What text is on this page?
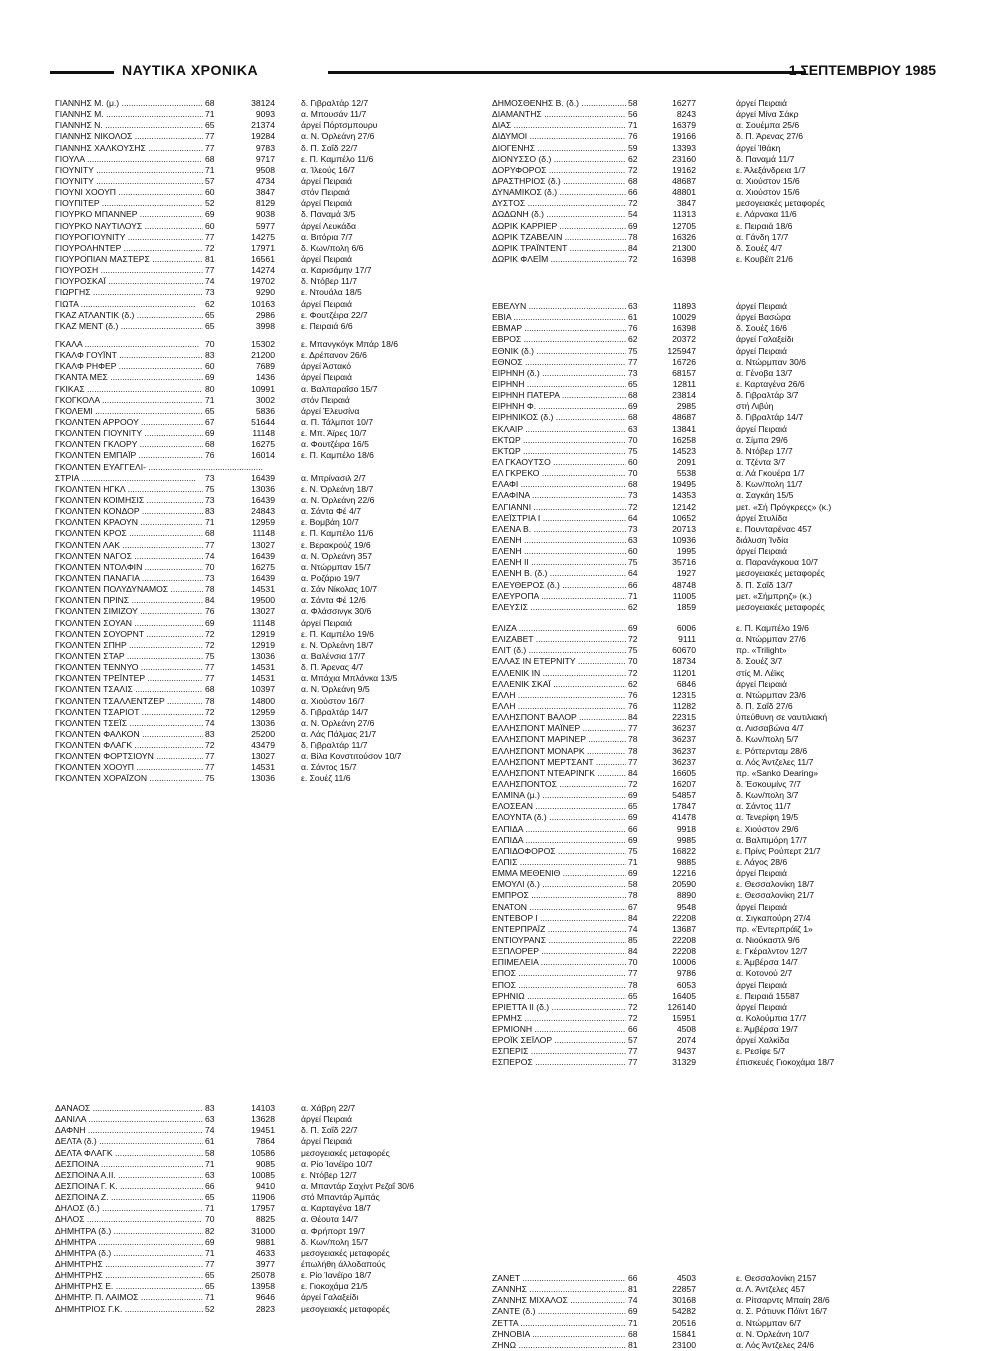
ΝΑΥΤΙΚΑ ΧΡΟΝΙΚΑ	1 ΣΕΠΤΕΜΒΡΙΟΥ 1985
ΓΙΑΝΝΗΣ Μ. (μ.) .....	68	38124	δ. Γιβραλτάρ 12/7
ΓΙΑΝΝΗΣ Μ. .....	71	9093	α. Μπουσάν 11/7
ΓΙΑΝΝΗΣ Ν. .....	65	21374	άργεί Πόρτσμπουρυ
ΓΙΑΝΝΗΣ ΝΙΚΟΛΟΣ .....	77	19284	α. Ν. Όρλεάνη 27/6
ΓΙΑΝΝΗΣ ΧΑΛΚΟΥΣΗΣ .....	77	9783	δ. Π. Σαΐδ 22/7
ΓΙΟΥΛΑ .....	68	9717	ε. Π. Καμπέλο 11/6
ΓΙΟΥΝΙΤΥ .....	71	9508	α. Ίλεούς 16/7
ΓΙΟΥΝΙΤΥ .....	57	4734	άργεί Πειραιά
ΓΙΟΥΝΙ ΧΟΟΥΠ .....	60	3847	στόν Πειραιά
ΓΙΟΥΠΙΤΕΡ .....	52	8129	άργεί Πειραιά
ΓΙΟΥΡΚΟ ΜΠΑΝΝΕΡ .....	69	9038	δ. Παναμά 3/5
ΓΙΟΥΡΚΟ ΝΑΥΤΙΛΟΥΣ .....	60	5977	άργεί Λευκάδα
ΓΙΟΥΡΟΓΙΟΥΝΙΤΥ .....	77	14275	α. Βιτόρια 7/7
ΓΙΟΥΡΟΛΗΝΤΕΡ .....	72	17971	δ. Κων/πολη 6/6
ΓΙΟΥΡΟΠΙΑΝ ΜΑΣΤΕΡΣ .....	81	16561	άργεί Πειραιά
ΓΙΟΥΡΟΣΗ .....	77	14274	α. Καρισάμην 17/7
ΓΙΟΥΡΟΣΚΑΪ .....	74	19702	δ. Ντόβερ 11/7
ΓΙΩΡΓΗΣ .....	73	9290	ε. Ντουάλα 18/5
ΓΙΩΤΑ .....	62	10163	άργεί Πειραιά
ΓΚΑΖ ΑΤΛΑΝΤΙΚ (δ.) .....	65	2986	ε. Φουτζέιρα 22/7
ΓΚΑΖ ΜΕΝΤ (δ.) .....	65	3998	ε. Πειραιά 6/6
ΓΚΑΛΑ .....	70	15302	ε. Μπανγκόγκ Μπάρ 18/6
ΓΚΑΛΦ ΓΟΥΪΝΤ .....	83	21200	ε. Δρέπανον 26/6
ΓΚΑΛΦ ΡΗΦΕΡ .....	60	7689	άργεί Άστακό
ΓΚΑΝΤΑ ΜΕΣ .....	69	1436	άργεί Πειραιά
ΓΚΙΚΑΣ .....	80	10991	α. Βαλπαραΐσο 15/7
ΓΚΟΓΚΟΛΑ .....	71	3002	στόν Πειραιά
ΓΚΟΛΕΜΙ .....	65	5836	άργεί Έλευσίνα
ΓΚΟΛΝΤΕΝ ΑΡΡΟΟΥ .....	67	51644	α. Π. Τάλμποτ 10/7
ΓΚΟΛΝΤΕΝ ΓΙΟΥΝΙΤΥ .....	69	11148	ε. Μπ. Άϊρες 10/7
ΓΚΟΛΝΤΕΝ ΓΚΛΟΡΥ .....	68	16275	α. Φουτζέιρα 16/5
ΓΚΟΛΝΤΕΝ ΕΜΠΑΪΡ .....	76	16014	ε. Π. Καμπέλο 18/6
ΓΚΟΛΝΤΕΝ ΕΥΑΓΓΕΛΙ- .....
ΣΤΡΙΑ .....	73	16439	α. Μπρίνασιλ 2/7
ΓΚΟΛΝΤΕΝ ΗΓΚΛ .....	75	13036	ε. Ν. Όρλεάνη 18/7
ΓΚΟΛΝΤΕΝ ΚΟΙΜΗΣΙΣ .....	73	16439	α. Ν. Όρλεάνη 22/6
ΓΚΟΛΝΤΕΝ ΚΟΝΔΟΡ .....	83	24843	α. Σάντα Φέ 4/7
ΓΚΟΛΝΤΕΝ ΚΡΑΟΥΝ .....	71	12959	ε. Βομβάη 10/7
ΓΚΟΛΝΤΕΝ ΚΡΟΣ .....	68	11148	ε. Π. Καμπέλο 11/6
ΓΚΟΛΝΤΕΝ ΛΑΚ .....	77	13027	ε. Βερακρούζ 19/6
ΓΚΟΛΝΤΕΝ ΝΑΓΟΣ .....	74	16439	α. Ν. Όρλεάνη 357
ΓΚΟΛΝΤΕΝ ΝΤΟΛΦΙΝ .....	70	16275	α. Ντώρμπαν 15/7
ΓΚΟΛΝΤΕΝ ΠΑΝΑΓΙΑ .....	73	16439	α. Ροζάριο 19/7
ΓΚΟΛΝΤΕΝ ΠΟΛΥΔΥΝΑΜΟΣ .....	78	14531	α. Σάν Νίκολας 10/7
ΓΚΟΛΝΤΕΝ ΠΡΙΝΣ .....	84	19500	α. Σάντα Φέ 12/6
ΓΚΟΛΝΤΕΝ ΣΙΜΙΖΟΥ .....	76	13027	α. Φλάσσινγκ 30/6
ΓΚΟΛΝΤΕΝ ΣΟΥΑΝ .....	69	11148	άργεί Πειραιά
ΓΚΟΛΝΤΕΝ ΣΟΥΟΡΝΤ .....	72	12919	ε. Π. Καμπέλο 19/6
ΓΚΟΛΝΤΕΝ ΣΠΗΡ .....	72	12919	ε. Ν. Όρλεάνη 18/7
ΓΚΟΛΝΤΕΝ ΣΤΑΡ .....	75	13036	α. Βαλένσια 17/7
ΓΚΟΛΝΤΕΝ ΤΕΝΝΥΟ .....	77	14531	δ. Π. Άρενας 4/7
ΓΚΟΛΝΤΕΝ ΤΡΕΪΝΤΕΡ .....	77	14531	α. Μπάχια Μπλάνκα 13/5
ΓΚΟΛΝΤΕΝ ΤΣΑΛΙΣ .....	68	10397	α. Ν. Όρλεάνη 9/5
ΓΚΟΛΝΤΕΝ ΤΣΑΛΛΕΝΤΖΕΡ .....	78	14800	α. Χιούστον 16/7
ΓΚΟΛΝΤΕΝ ΤΣΑΡΙΟΤ .....	72	12959	δ. Γιβραλτάρ 14/7
ΓΚΟΛΝΤΕΝ ΤΣΕΪΣ .....	74	13036	α. Ν. Όρλεάνη 27/6
ΓΚΟΛΝΤΕΝ ΦΑΛΚΟΝ .....	83	25200	α. Λάς Πάλμας 21/7
ΓΚΟΛΝΤΕΝ ΦΛΑΓΚ .....	72	43479	δ. Γιβραλτάρ 11/7
ΓΚΟΛΝΤΕΝ ΦΟΡΤΣΙΟΥΝ .....	77	13027	α. Βίλα Κονστιτούσον 10/7
ΓΚΟΛΝΤΕΝ ΧΟΟΥΠ .....	77	14531	α. Σάντος 15/7
ΓΚΟΛΝΤΕΝ ΧΟΡΑΪΖΟΝ .....	75	13036	ε. Σουέζ 11/6
ΔΑΝΑΟΣ .....	83	14103	α. Χάβρη 22/7
ΔΑΝΙΛΑ .....	63	13628	άργεί Πειραιά
ΔΑΦΝΗ .....	74	19451	δ. Π. Σαΐδ 22/7
ΔΕΛΤΑ (δ.) .....	61	7864	άργεί Πειραιά
ΔΕΛΤΑ ΦΛΑΓΚ .....	58	10586	μεσογειακές μεταφορές
ΔΕΣΠΟΙΝΑ .....	71	9085	α. Ρίο Ίανέϊρο 10/7
ΔΕΣΠΟΙΝΑ Α.ΙΙ. .....	63	10085	ε. Ντόβερ 12/7
ΔΕΣΠΟΙΝΑ Γ. Κ. .....	66	9410	α. Μπαντάρ Σαχίντ Ρεζαΐ 30/6
ΔΕΣΠΟΙΝΑ Ζ. .....	65	11906	στό Μπαντάρ Άμπάς
ΔΗΛΟΣ (δ.) .....	71	17957	α. Καρταγένα 18/7
ΔΗΛΟΣ .....	70	8825	α. Θέουτα 14/7
ΔΗΜΗΤΡΑ (δ.) .....	82	31000	α. Φρήπορτ 19/7
ΔΗΜΗΤΡΑ .....	69	9881	δ. Κων/πολη 15/7
ΔΗΜΗΤΡΑ (δ.) .....	71	4633	μεσογειακές μεταφορές
ΔΗΜΗΤΡΗΣ .....	77	3977	έπωλήθη άλλοδαπούς
ΔΗΜΗΤΡΗΣ .....	65	25078	ε. Ρίο Ίανέϊρο 18/7
ΔΗΜΗΤΡΗΣ Ε. .....	65	13958	ε. Γιοκοχάμα 21/5
ΔΗΜΗΤΡ. Π. ΛΑΙΜΟΣ .....	71	9646	άργεί Γαλαξείδι
ΔΗΜΗΤΡΙΟΣ Γ.Κ. .....	52	2823	μεσογειακές μεταφορές
ΔΗΜΟΣΘΕΝΗΣ Β. (δ.) .....	58	16277	άργεί Πειραιά
ΔΙΑΜΑΝΤΗΣ .....	56	8243	άργεί Μίνα Σάκρ
ΔΙΑΣ .....	71	16379	α. Σουέμπα 25/6
ΔΙΔΥΜΟΙ .....	76	19166	δ. Π. Άρενας 27/6
ΔΙΟΓΕΝΗΣ .....	59	13393	άργεί Ίθάκη
ΔΙΟΝΥΣΣΟ (δ.) .....	62	23160	δ. Παναμά 11/7
ΔΟΡΥΦΟΡΟΣ .....	72	19162	ε. Άλεξάνδρεια 1/7
ΔΡΑΣΤΗΡΙΟΣ (δ.) .....	68	48687	α. Χιούστον 15/6
ΔΥΝΑΜΙΚΟΣ (δ.) .....	66	48801	α. Χιούστον 15/6
ΔΥΣΤΟΣ .....	72	3847	μεσογειακές μεταφορές
ΔΩΔΩΝΗ (δ.) .....	54	11313	ε. Λάρνακα 11/6
ΔΩΡΙΚ ΚΑΡΡΙΕΡ .....	69	12705	ε. Πειραιά 18/6
ΔΩΡΙΚ ΤΖΑΒΕΛΙΝ .....	78	16326	α. Γάνδη 17/7
ΔΩΡΙΚ ΤΡΑΪΝΤΕΝΤ .....	84	21300	δ. Σουέζ 4/7
ΔΩΡΙΚ ΦΛΕΪΜ .....	72	16398	ε. Κουβέϊτ 21/6
ΕΒΕΛΥΝ .....	63	11893	άργεί Πειραιά
ΕΒΙΑ .....	61	10029	άργεί Βασώρα
ΕΒΜΑΡ .....	76	16398	δ. Σουέζ 16/6
ΕΒΡΟΣ .....	62	20372	άργεί Γαλαξείδι
ΕΘΝΙΚ (δ.) .....	75	125947	άργεί Πειραιά
ΕΘΝΟΣ .....	77	16726	α. Ντώρμπαν 30/6
ΕΙΡΗΝΗ (δ.) .....	73	68157	α. Γένοβα 13/7
ΕΙΡΗΝΗ .....	65	12811	ε. Καρταγένα 26/6
ΕΙΡΗΝΗ ΠΑΤΕΡΑ .....	68	23814	δ. Γιβραλτάρ 3/7
ΕΙΡΗΝΗ Φ. .....	69	2985	στή Λιβύη
ΕΙΡΗΝΙΚΟΣ (δ.) .....	68	48687	δ. Γιβραλτάρ 14/7
ΕΚΛΑΙΡ .....	63	13841	άργεί Πειραιά
ΕΚΤΩΡ .....	70	16258	α. Σίμπα 29/6
ΕΚΤΩΡ .....	75	14523	δ. Ντόβερ 17/7
ΕΛ ΓΚΑΟΥΤΣΟ .....	60	2091	α. Τζέντα 3/7
ΕΛ ΓΚΡΕΚΟ .....	70	5538	α. Λά Γκουέρα 1/7
ΕΛΑΦΙ .....	68	19495	δ. Κων/πολη 11/7
ΕΛΑΦΙΝΑ .....	73	14353	α. Σαγκάη 15/5
ΕΛΓΙΑΝΝΙ .....	72	12142	μετ. «Σή Πρόγκρεςς» (κ.)
ΕΛΕΪΣΤΡΙΑ Ι .....	64	10652	άργεί Στυλίδα
ΕΛΕΝΑ Β. .....	73	20713	ε. Πουνταρέναc 457
ΕΛΕΝΗ .....	63	10936	διάλυση Ίνδία
ΕΛΕΝΗ .....	60	1995	άργεί Πειραιά
ΕΛΕΝΗ ΙΙ .....	75	35716	α. Παρανάγκουα 10/7
ΕΛΕΝΗ Β. (δ.) .....	64	1927	μεσογειακές μεταφορές
ΕΛΕΥΘΕΡΟΣ (δ.) .....	66	48748	δ. Π. Σαΐδ 13/7
ΕΛΕΥΡΟΠΑ .....	71	11005	μετ. «Σήμπρηζ» (κ.)
ΕΛΕΥΣΙΣ .....	62	1859	μεσογειακές μεταφορές
ΕΛΙΖΑ .....	69	6006	ε. Π. Καμπέλο 19/6
ΕΛΙΖΑΒΕΤ .....	72	9111	α. Ντώρμπαν 27/6
ΕΛΙΤ (δ.) .....	75	60670	πρ. «Trilight»
ΕΛΛΑΣ ΙΝ ΕΤΕΡΝΙΤΥ .....	70	18734	δ. Σουέζ 3/7
ΕΛΛΕΝΙΚ ΙΝ .....	72	11201	στίς Μ. Λέϊκς
ΕΛΛΕΝΙΚ ΣΚΑΪ .....	62	6846	άργεί Πειραιά
ΕΛΛΗ .....	76	12315	α. Ντώρμπαν 23/6
ΕΛΛΗ .....	76	11282	δ. Π. Σαΐδ 27/6
ΕΛΛΗΣΠΟΝΤ ΒΑΛΟΡ .....	84	22315	ύπεύθυνη σε ναυτιλιακή
ΕΛΛΗΣΠΟΝΤ ΜΑΪΝΕΡ .....	77	36237	α. Λισσαβώνα 4/7
ΕΛΛΗΣΠΟΝΤ ΜΑΡΙΝΕΡ .....	78	36237	δ. Κων/πολη 5/7
ΕΛΛΗΣΠΟΝΤ ΜΟΝΑΡΚ .....	78	36237	ε. Ρόττερνταμ 28/6
ΕΛΛΗΣΠΟΝΤ ΜΕΡΤΣΑΝΤ .....	77	36237	α. Λός Άντζελες 11/7
ΕΛΛΗΣΠΟΝΤ ΝΤΕΑΡΙΝΓΚ .....	84	16605	πρ. «Sanko Dearing»
ΕΛΛΗΣΠΟΝΤΟΣ .....	72	16207	δ. Έσκουμίνς 7/7
ΕΛΜΙΝΑ (μ.) .....	69	54857	δ. Κων/πολη 3/7
ΕΛΟΣΕΑΝ .....	65	17847	α. Σάντος 11/7
ΕΛΟΥΝΤΑ (δ.) .....	69	41478	α. Τενερίφη 19/5
ΕΛΠΙΔΑ .....	66	9918	ε. Χιούστον 29/6
ΕΛΠΙΔΑ .....	69	9985	α. Βαλπιμόρη 17/7
ΕΛΠΙΔΟΦΟΡΟΣ .....	75	16822	ε. Πρίνς Ρούπερτ 21/7
ΕΛΠΙΣ .....	71	9885	ε. Λάγος 28/6
ΕΜΜΑ ΜΕΘΕΝΙΘ .....	69	12216	άργεί Πειραιά
ΕΜΟΥΛΙ (δ.) .....	58	20590	ε. Θεσσαλονίκη 18/7
ΕΜΠΡΟΣ .....	78	8890	ε. Θεσσαλονίκη 21/7
ΕΝΑΤΟΝ .....	67	9548	άργεί Πειραιά
ΕΝΤΕΒΟΡ Ι .....	84	22208	α. Σιγκαπούρη 27/4
ΕΝΤΕΡΠΡΑΪΖ .....	74	13687	πρ. «Έντερπράϊζ 1»
ΕΝΤΙΟΥΡΑΝΣ .....	85	22208	α. Νιούκαστλ 9/6
ΕΞΠΛΟΡΕΡ .....	84	22208	ε. Γκέραλντον 12/7
ΕΠΙΜΕΛΕΙΑ .....	70	10006	ε. Άμβέρσα 14/7
ΕΠΟΣ .....	77	9786	α. Κοτονού 2/7
ΕΠΟΣ .....	78	6053	άργεί Πειραιά
ΕΡΗΝΙΩ .....	65	16405	ε. Πειραιά 15587
ΕΡΙΕΤΤΑ ΙΙ (δ.) .....	72	126140	άργεί Πειραιά
ΕΡΜΗΣ .....	72	15951	α. Κολούμπια 17/7
ΕΡΜΙΟΝΗ .....	66	4508	ε. Άμβέρσα 19/7
ΕΡΟΪΚ ΣΕΪΛΟΡ .....	57	2074	άργεί Χαλκίδα
ΕΣΠΕΡΙΣ .....	77	9437	ε. Ρεσίφε 5/7
ΕΣΠΕΡΟΣ .....	77	31329	έπισκευές Γιοκοχάμα 18/7
ΖΑΝΕΤ .....	66	4503	ε. Θεσσαλονίκη 2157
ΖΑΝΝΗΣ .....	81	22857	α. Λ. Άντζελες 457
ΖΑΝΝΗΣ ΜΙΧΑΛΟΣ .....	74	30168	α. Ρίτσαρντς Μπαίη 28/6
ΖΑΝΤΕ (δ.) .....	69	54282	α. Σ. Ράτιυνκ Πόϊντ 16/7
ΖΕΤΤΑ .....	71	20516	α. Ντώρμπαν 6/7
ΖΗΝΟΒΙΑ .....	68	15841	α. Ν. Όρλεάνη 10/7
ΖΗΝΩ .....	81	23100	α. Λός Άντζελες 24/6
